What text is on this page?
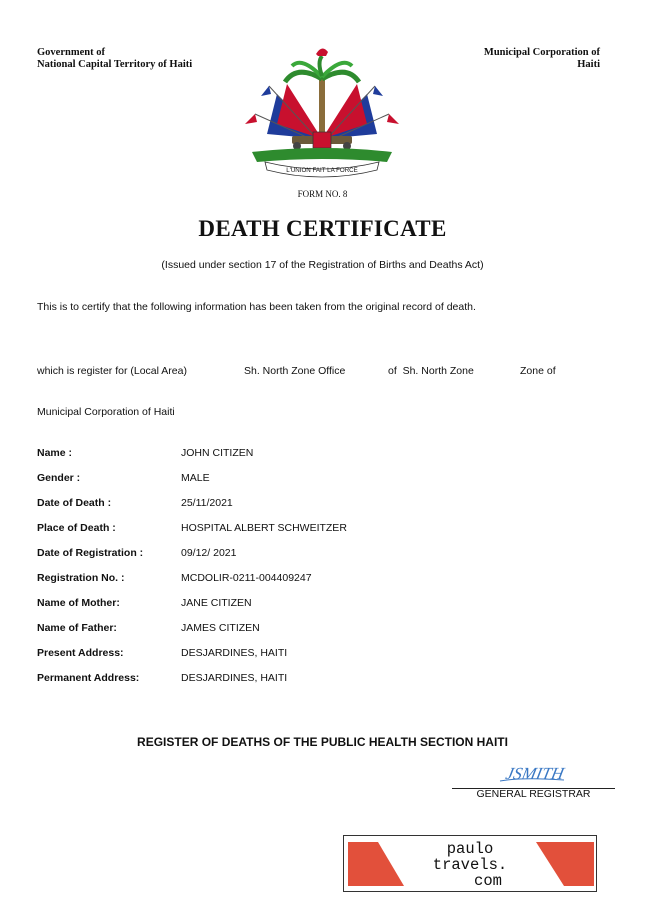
Government of
National Capital Territory of Haiti
Municipal Corporation of
Haiti
L'UNION FAIT LA FORCE
FORM NO. 8
DEATH CERTIFICATE
(Issued under section 17 of the Registration of Births and Deaths Act)
This is to certify that the following information has been taken from the original record of death.
which is register for (Local Area)	Sh. North Zone Office	of  Sh. North Zone	Zone of
Municipal Corporation of Haiti
Name :	JOHN CITIZEN
Gender :	MALE
Date of Death :	25/11/2021
Place of Death :	HOSPITAL ALBERT SCHWEITZER
Date of Registration :	09/12/ 2021
Registration No. :	MCDOLIR-0211-004409247
Name of Mother:	JANE CITIZEN
Name of Father:	JAMES CITIZEN
Present Address:	DESJARDINES, HAITI
Permanent Address:	DESJARDINES, HAITI
REGISTER OF DEATHS OF THE PUBLIC HEALTH SECTION HAITI
JSMITH
GENERAL REGISTRAR
paulo
travels.
com
